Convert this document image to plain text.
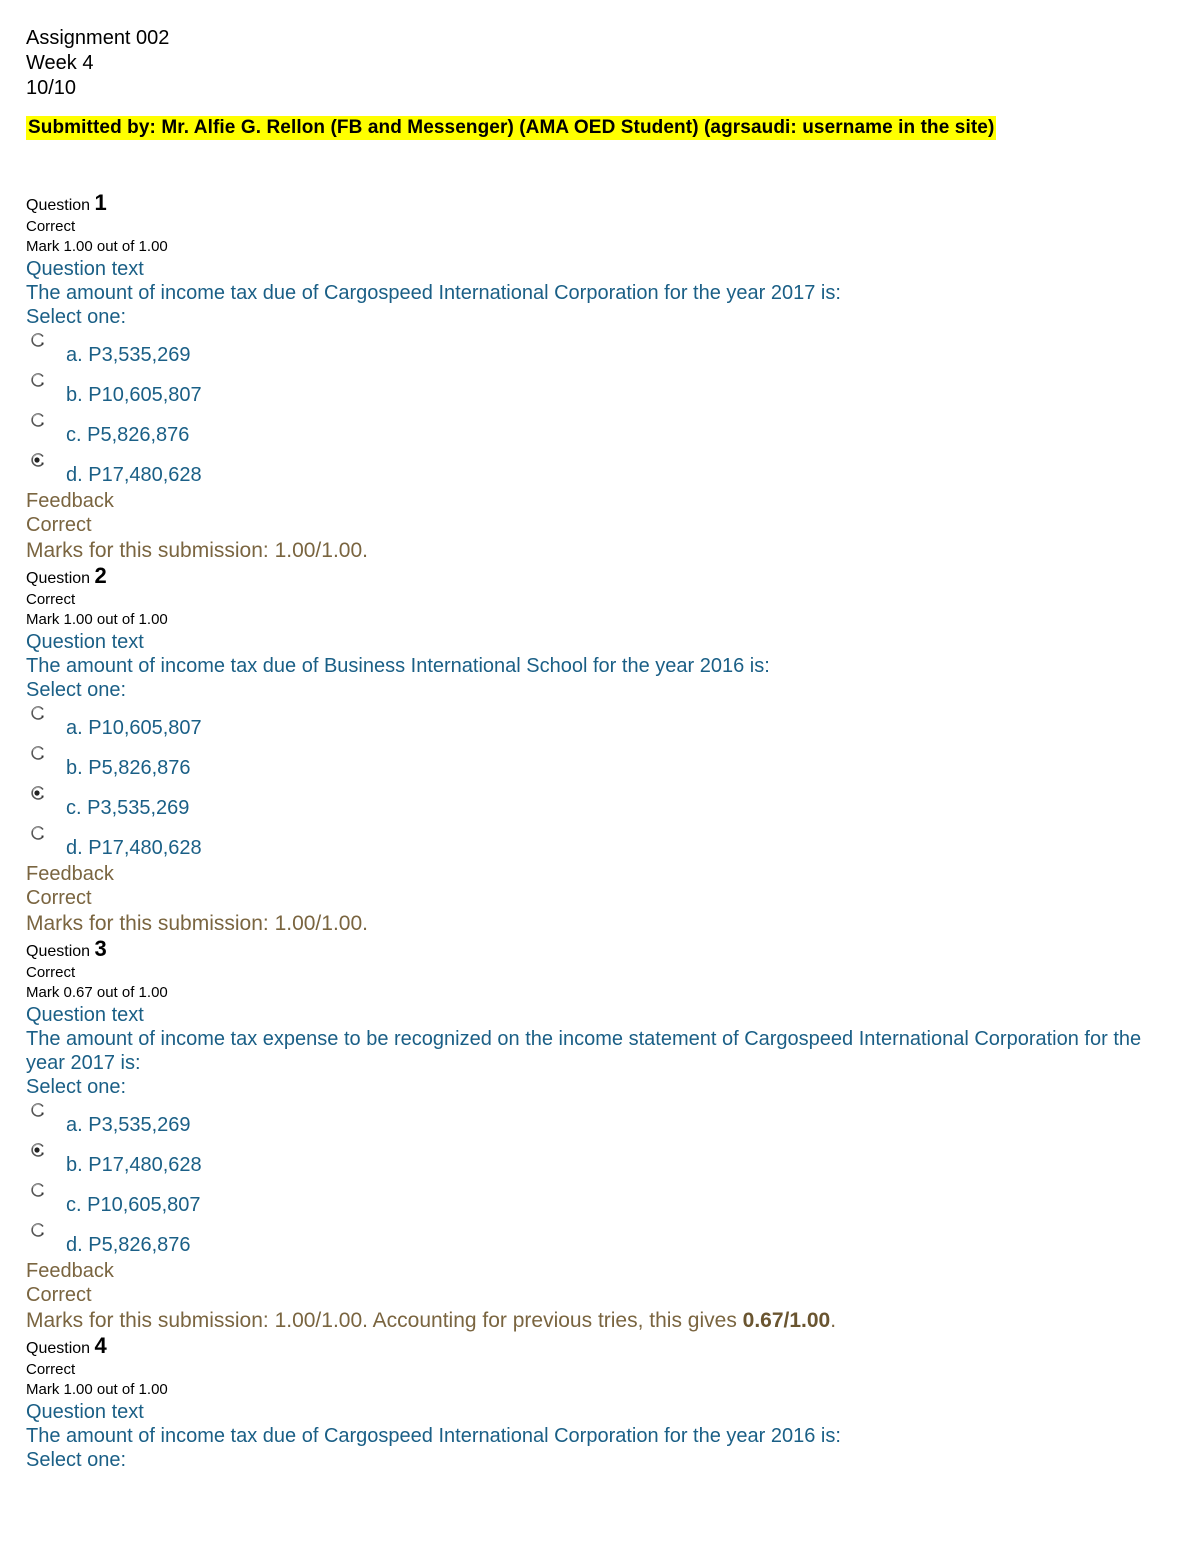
Assignment 002
Week 4
10/10
Submitted by: Mr. Alfie G. Rellon (FB and Messenger) (AMA OED Student) (agrsaudi: username in the site)
Question 1
Correct
Mark 1.00 out of 1.00
Question text
The amount of income tax due of Cargospeed International Corporation for the year 2017 is:
Select one:
a. P3,535,269
b. P10,605,807
c. P5,826,876
d. P17,480,628
Feedback
Correct
Marks for this submission: 1.00/1.00.
Question 2
Correct
Mark 1.00 out of 1.00
Question text
The amount of income tax due of Business International School for the year 2016 is:
Select one:
a. P10,605,807
b. P5,826,876
c. P3,535,269
d. P17,480,628
Feedback
Correct
Marks for this submission: 1.00/1.00.
Question 3
Correct
Mark 0.67 out of 1.00
Question text
The amount of income tax expense to be recognized on the income statement of Cargospeed International Corporation for the year 2017 is:
Select one:
a. P3,535,269
b. P17,480,628
c. P10,605,807
d. P5,826,876
Feedback
Correct
Marks for this submission: 1.00/1.00. Accounting for previous tries, this gives 0.67/1.00.
Question 4
Correct
Mark 1.00 out of 1.00
Question text
The amount of income tax due of Cargospeed International Corporation for the year 2016 is:
Select one:
